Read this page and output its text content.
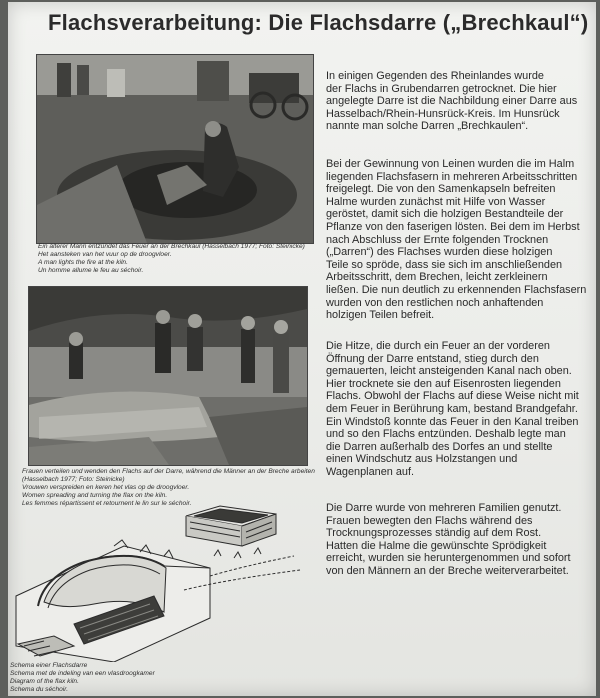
Flachsverarbeitung: Die Flachsdarre („Brechkaul“)
Ein älterer Mann entzündet das Feuer an der Brechkaul (Hasselbach 1977; Foto: Steinicke)
Het aansteken van het vuur op de droogvloer.
A man lights the fire at the kiln.
Un homme allume le feu au séchoir.
Frauen verteilen und wenden den Flachs auf der Darre, während die Männer an der Breche arbeiten
(Hasselbach 1977; Foto: Steinicke)
Vrouwen verspreiden en keren het vlas op de droogvloer.
Women spreading and turning the flax on the kiln.
Les femmes répartissent et retournent le lin sur le séchoir.
Schema einer Flachsdarre
Schema met de indeling van een vlasdroogkamer
Diagram of the flax kiln.
Schema du séchoir.

In einigen Gegenden des Rheinlandes wurde
der Flachs in Grubendarren getrocknet. Die hier
angelegte Darre ist die Nachbildung einer Darre aus
Hasselbach/Rhein-Hunsrück-Kreis. Im Hunsrück
nannte man solche Darren „Brechkaulen“.

Bei der Gewinnung von Leinen wurden die im Halm
liegenden Flachsfasern in mehreren Arbeitsschritten
freigelegt. Die von den Samenkapseln befreiten
Halme wurden zunächst mit Hilfe von Wasser
geröstet, damit sich die holzigen Bestandteile der
Pflanze von den faserigen lösten. Bei dem im Herbst
nach Abschluss der Ernte folgenden Trocknen
(„Darren“) des Flachses wurden diese holzigen
Teile so spröde, dass sie sich im anschließenden
Arbeitsschritt, dem Brechen, leicht zerkleinern
ließen. Die nun deutlich zu erkennenden Flachsfasern
wurden von den restlichen noch anhaftenden
holzigen Teilen befreit.

Die Hitze, die durch ein Feuer an der vorderen
Öffnung der Darre entstand, stieg durch den
gemauerten, leicht ansteigenden Kanal nach oben.
Hier trocknete sie den auf Eisenrosten liegenden
Flachs. Obwohl der Flachs auf diese Weise nicht mit
dem Feuer in Berührung kam, bestand Brandgefahr.
Ein Windstoß konnte das Feuer in den Kanal treiben
und so den Flachs entzünden. Deshalb legte man
die Darren außerhalb des Dorfes an und stellte
einen Windschutz aus Holzstangen und
Wagenplanen auf.

Die Darre wurde von mehreren Familien genutzt.
Frauen bewegten den Flachs während des
Trocknungsprozesses ständig auf dem Rost.
Hatten die Halme die gewünschte Sprödigkeit
erreicht, wurden sie heruntergenommen und sofort
von den Männern an der Breche weiterverarbeitet.
